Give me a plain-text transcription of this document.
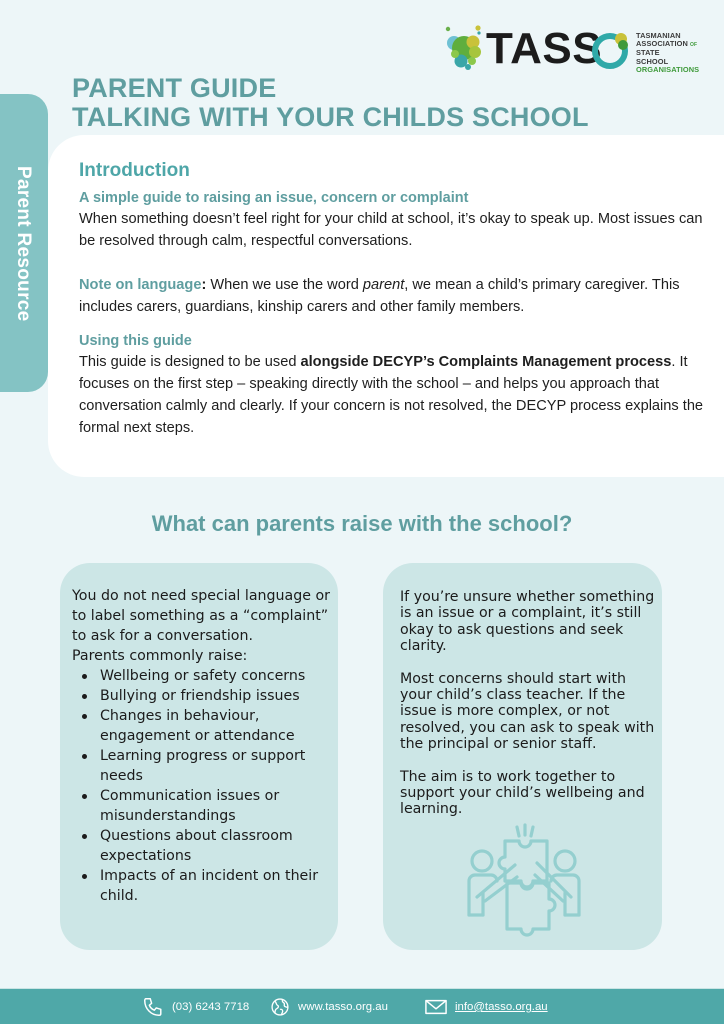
TASS	TASMANIAN
ASSOCIATION OF
STATE
SCHOOL
ORGANISATIONS
PARENT GUIDE
TALKING WITH YOUR CHILDS SCHOOL
Parent Resource Introduction
A simple guide to raising an issue, concern or complaint

When something doesn’t feel right for your child at school, it’s okay to speak up. Most issues can be resolved through calm, respectful conversations.

Note on language: When we use the word parent, we mean a child’s primary caregiver. This includes carers, guardians, kinship carers and other family members.

Using this guide

This guide is designed to be used alongside DECYP’s Complaints Management process. It focuses on the first step – speaking directly with the school – and helps you approach that conversation calmly and clearly. If your concern is not resolved, the DECYP process explains the formal next steps.

What can parents raise with the school?

You do not need special language or to label something as a “complaint” to ask for a conversation.

Parents commonly raise:

Wellbeing or safety concerns
Bullying or friendship issues
Changes in behaviour, engagement or attendance
Learning progress or support needs
Communication issues or misunderstandings
Questions about classroom expectations
Impacts of an incident on their child.

If you’re unsure whether something is an issue or a complaint, it’s still okay to ask questions and seek clarity.

Most concerns should start with your child’s class teacher. If the issue is more complex, or not resolved, you can ask to speak with the principal or senior staff.

The aim is to work together to support your child’s wellbeing and learning.

(03) 6243 7718	www.tasso.org.au	info@tasso.org.au
